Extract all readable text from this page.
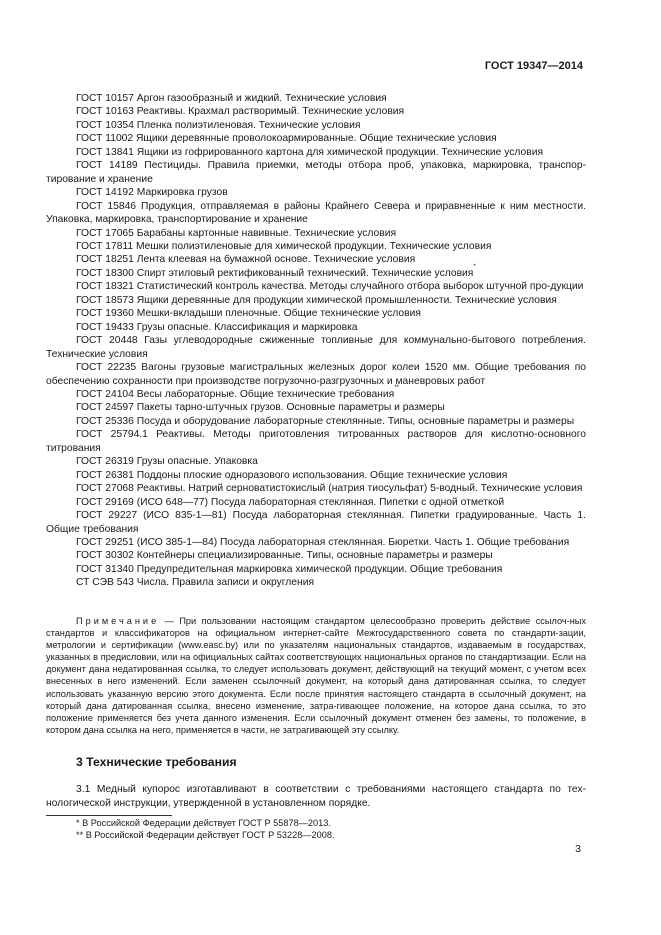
ГОСТ 19347—2014

ГОСТ 10157 Аргон газообразный и жидкий. Технические условия

ГОСТ 10163 Реактивы. Крахмал растворимый. Технические условия

ГОСТ 10354 Пленка полиэтиленовая. Технические условия

ГОСТ 11002 Ящики деревянные проволокоармированные. Общие технические условия

ГОСТ 13841 Ящики из гофрированного картона для химической продукции. Технические условия

ГОСТ 14189 Пестициды. Правила приемки, методы отбора проб, упаковка, маркировка, транспор-тирование и хранение

ГОСТ 14192 Маркировка грузов

ГОСТ 15846 Продукция, отправляемая в районы Крайнего Севера и приравненные к ним местности. Упаковка, маркировка, транспортирование и хранение

ГОСТ 17065 Барабаны картонные навивные. Технические условия

ГОСТ 17811 Мешки полиэтиленовые для химической продукции. Технические условия

ГОСТ 18251 Лента клеевая на бумажной основе. Технические условия

ГОСТ 18300 Спирт этиловый ректификованный технический. Технические условия*

ГОСТ 18321 Статистический контроль качества. Методы случайного отбора выборок штучной про-дукции

ГОСТ 18573 Ящики деревянные для продукции химической промышленности. Технические условия

ГОСТ 19360 Мешки-вкладыши пленочные. Общие технические условия

ГОСТ 19433 Грузы опасные. Классификация и маркировка

ГОСТ 20448 Газы углеводородные сжиженные топливные для коммунально-бытового потребления. Технические условия

ГОСТ 22235 Вагоны грузовые магистральных железных дорог колеи 1520 мм. Общие требования по обеспечению сохранности при производстве погрузочно-разгрузочных и маневровых работ

ГОСТ 24104 Весы лабораторные. Общие технические требования**

ГОСТ 24597 Пакеты тарно-штучных грузов. Основные параметры и размеры

ГОСТ 25336 Посуда и оборудование лабораторные стеклянные. Типы, основные параметры и размеры

ГОСТ 25794.1 Реактивы. Методы приготовления титрованных растворов для кислотно-основного титрования

ГОСТ 26319 Грузы опасные. Упаковка

ГОСТ 26381 Поддоны плоские одноразового использования. Общие технические условия

ГОСТ 27068 Реактивы. Натрий серноватистокислый (натрия тиосульфат) 5-водный. Технические условия

ГОСТ 29169 (ИСО 648—77) Посуда лабораторная стеклянная. Пипетки с одной отметкой

ГОСТ 29227 (ИСО 835-1—81) Посуда лабораторная стеклянная. Пипетки градуированные. Часть 1. Общие требования

ГОСТ 29251 (ИСО 385-1—84) Посуда лабораторная стеклянная. Бюретки. Часть 1. Общие требования

ГОСТ 30302 Контейнеры специализированные. Типы, основные параметры и размеры

ГОСТ 31340 Предупредительная маркировка химической продукции. Общие требования

СТ СЭВ 543 Числа. Правила записи и округления

Примечание — При пользовании настоящим стандартом целесообразно проверить действие ссылоч-ных стандартов и классификаторов на официальном интернет-сайте Межгосударственного совета по стандарти-зации, метрологии и сертификации (www.easc.by) или по указателям национальных стандартов, издаваемым в государствах, указанных в предисловии, или на официальных сайтах соответствующих национальных органов по стандартизации. Если на документ дана недатированная ссылка, то следует использовать документ, действующий на текущий момент, с учетом всех внесенных в него изменений. Если заменен ссылочный документ, на который дана датированная ссылка, то следует использовать указанную версию этого документа. Если после принятия настоящего стандарта в ссылочный документ, на который дана датированная ссылка, внесено изменение, затра-гивающее положение, на которое дана ссылка, то это положение применяется без учета данного изменения. Если ссылочный документ отменен без замены, то положение, в котором дана ссылка на него, применяется в части, не затрагивающей эту ссылку.

3 Технические требования

3.1 Медный купорос изготавливают в соответствии с требованиями настоящего стандарта по тех-нологической инструкции, утвержденной в установленном порядке.

* В Российской Федерации действует ГОСТ Р 55878—2013.
** В Российской Федерации действует ГОСТ Р 53228—2008.
3
